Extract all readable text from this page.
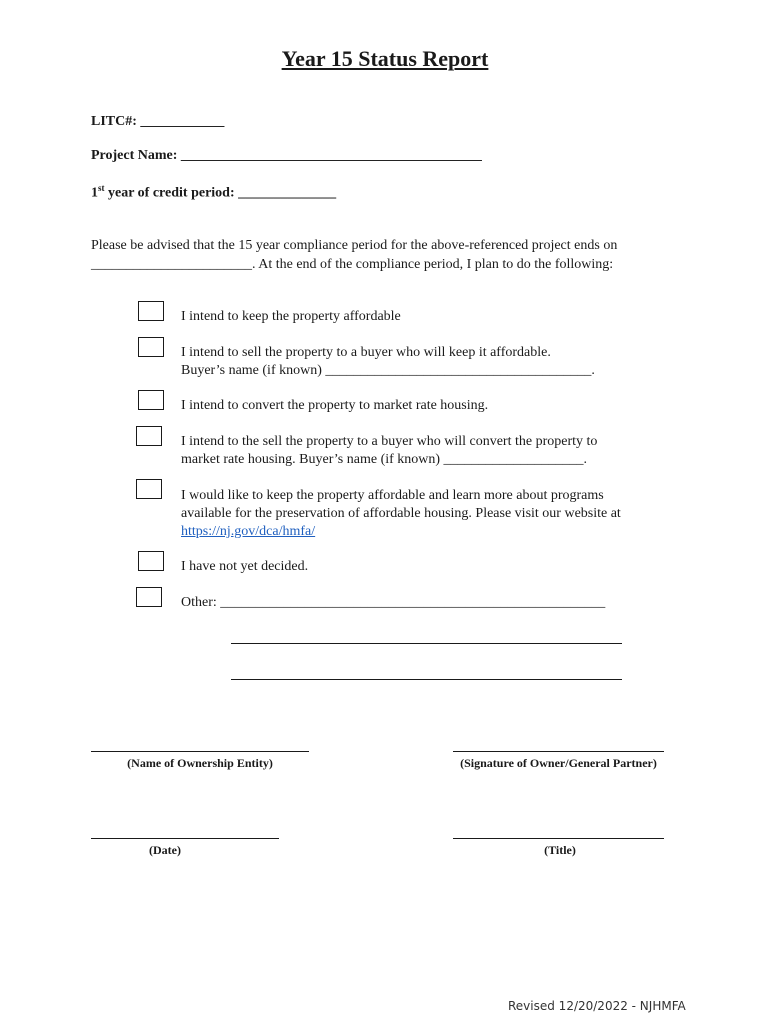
Year 15 Status Report
LITC#: ____________
Project Name: ___________________________________________
1st year of credit period: ______________
Please be advised that the 15 year compliance period for the above-referenced project ends on
_______________________. At the end of the compliance period, I plan to do the following:
I intend to keep the property affordable
I intend to sell the property to a buyer who will keep it affordable.
Buyer’s name (if known) ______________________________________.
I intend to convert the property to market rate housing.
I intend to the sell the property to a buyer who will convert the property to
market rate housing. Buyer’s name (if known) ____________________.
I would like to keep the property affordable and learn more about programs
available for the preservation of affordable housing. Please visit our website at
https://nj.gov/dca/hmfa/
I have not yet decided.
Other: _______________________________________________________
(Name of Ownership Entity)	(Signature of Owner/General Partner)
(Date)	(Title)
Revised 12/20/2022 - NJHMFA
